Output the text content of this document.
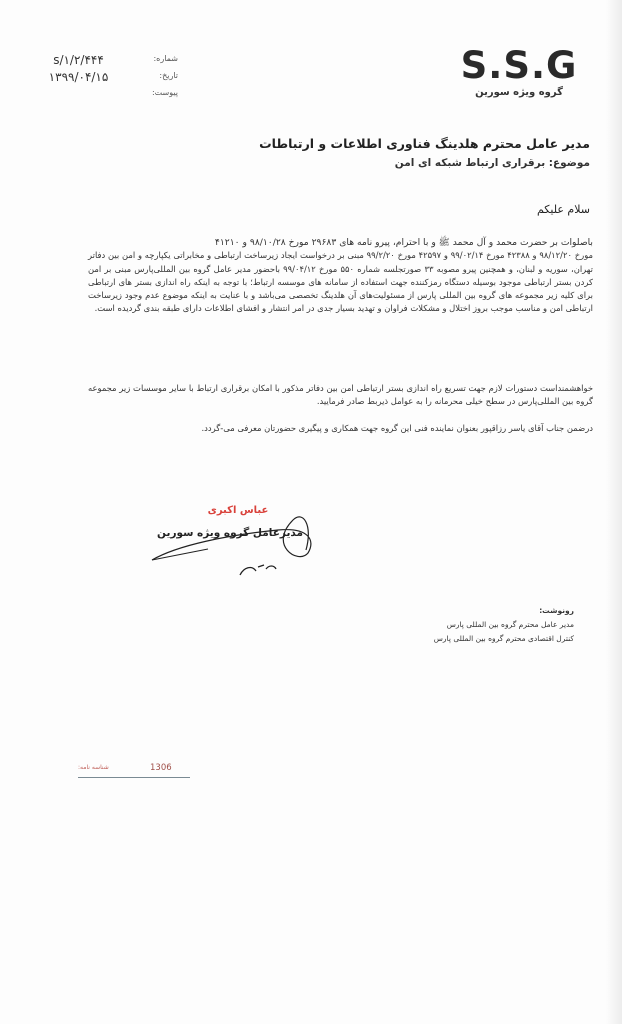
S.S.G
گروه ویژه سورین
شماره:
تاریخ:
پیوست:
s/۱/۲/۴۴۴
۱۳۹۹/۰۴/۱۵
مدیر عامل محترم هلدینگ فناوری اطلاعات و ارتباطات
موضوع: برقراری ارتباط شبکه ای امن
سلام علیکم

باصلوات بر حضرت محمد و آل محمد ﷺ و با احترام، پیرو نامه های ۲۹۶۸۳ مورخ ۹۸/۱۰/۲۸ و ۴۱۲۱۰

مورخ ۹۸/۱۲/۲۰ و ۴۲۳۸۸ مورخ ۹۹/۰۲/۱۴ و ۴۲۵۹۷ مورخ ۹۹/۲/۲۰ مبنی بر درخواست ایجاد زیرساخت ارتباطی و مخابراتی یکپارچه و امن بین دفاتر تهران، سوریه و لبنان، و همچنین پیرو مصوبه ۳۳ صورتجلسه شماره ۵۵۰ مورخ ۹۹/۰۴/۱۲ باحضور مدیر عامل گروه بین المللی‌پارس مبنی بر امن کردن بستر ارتباطی موجود بوسیله دستگاه رمزکننده جهت استفاده از سامانه های موسسه ارتباط؛ با توجه به اینکه راه اندازی بستر های ارتباطی برای کلیه زیر مجموعه های گروه بین المللی پارس از مسئولیت‌های آن هلدینگ تخصصی می‌باشد و با عنایت به اینکه موضوع عدم وجود زیرساخت ارتباطی امن و مناسب موجب بروز اختلال و مشکلات فراوان و تهدید بسیار جدی در امر انتشار و افشای اطلاعات دارای طبقه بندی گردیده است.

خواهشمنداست دستورات لازم جهت تسریع راه اندازی بستر ارتباطی امن بین دفاتر مذکور با امکان برقراری ارتباط با سایر موسسات زیر مجموعه گروه بین المللی‌پارس در سطح خیلی محرمانه را به عوامل ذیربط صادر فرمایید.

درضمن جناب آقای یاسر رزاقپور بعنوان نماینده فنی این گروه جهت همکاری و پیگیری حضورتان معرفی می-گردد.

عباس اکبری
مدیرعامل گروه ویژه سورین
رونوشت:
مدیر عامل محترم گروه بین المللی پارس
کنترل اقتصادی محترم گروه بین المللی پارس
شناسه نامه:	1306
